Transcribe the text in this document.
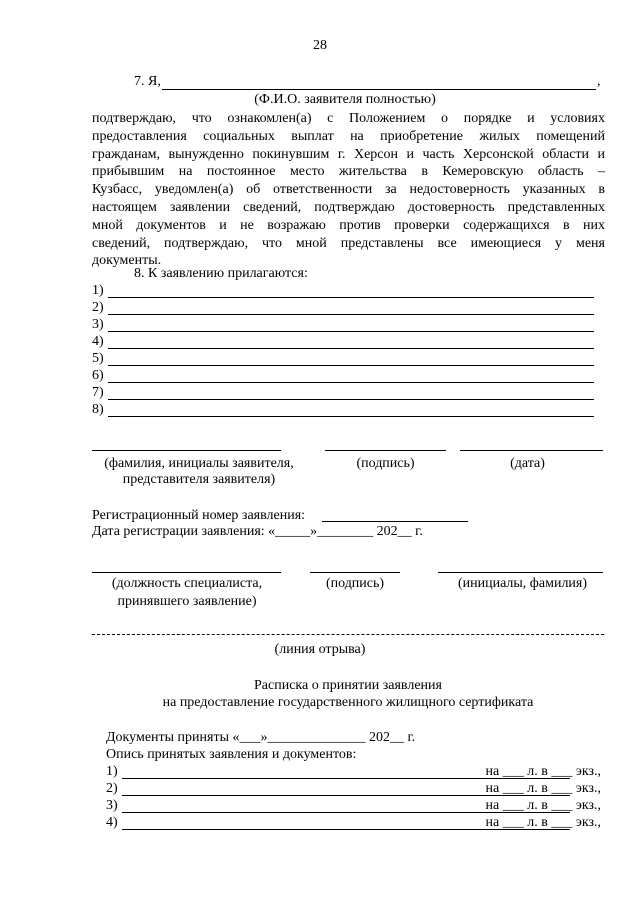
28
7. Я,	,
(Ф.И.О. заявителя полностью)
подтверждаю, что ознакомлен(а) с Положением о порядке и условиях
предоставления социальных выплат на приобретение жилых помещений
гражданам, вынужденно покинувшим г. Херсон и часть Херсонской области и
прибывшим на постоянное место жительства в Кемеровскую область –
Кузбасс, уведомлен(а) об ответственности за недостоверность указанных в
настоящем заявлении сведений, подтверждаю достоверность представленных
мной документов и не возражаю против проверки содержащихся в них
сведений, подтверждаю, что мной представлены все имеющиеся у меня
документы.
8. К заявлению прилагаются:
1)
2)
3)
4)
5)
6)
7)
8)
(фамилия, инициалы заявителя,
представителя заявителя)
(подпись)	(дата)
Регистрационный номер заявления:
Дата регистрации заявления: «_____»________ 202__ г.
(должность специалиста,
принявшего заявление)
(подпись)	(инициалы, фамилия)
(линия отрыва)
Расписка о принятии заявления
на предоставление государственного жилищного сертификата
Документы приняты «___»______________ 202__ г.
Опись принятых заявления и документов:
1)	на ___ л. в ___ экз.,
2)	на ___ л. в ___ экз.,
3)	на ___ л. в ___ экз.,
4)	на ___ л. в ___ экз.,
